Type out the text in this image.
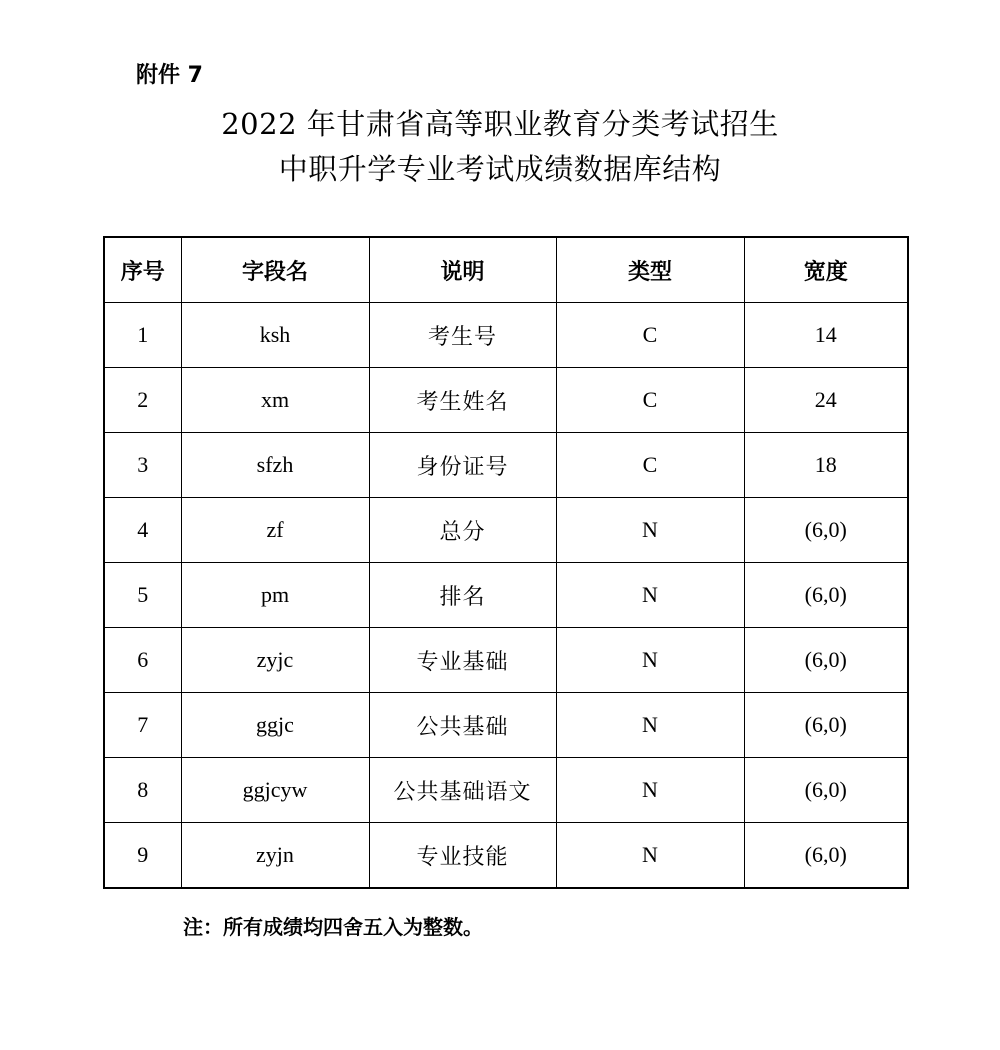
附件 7
2022 年甘肃省高等职业教育分类考试招生
中职升学专业考试成绩数据库结构
序号	字段名	说明	类型	宽度
1	ksh	考生号	C	14
2	xm	考生姓名	C	24
3	sfzh	身份证号	C	18
4	zf	总分	N	(6,0)
5	pm	排名	N	(6,0)
6	zyjc	专业基础	N	(6,0)
7	ggjc	公共基础	N	(6,0)
8	ggjcyw	公共基础语文	N	(6,0)
9	zyjn	专业技能	N	(6,0)
注：所有成绩均四舍五入为整数。
